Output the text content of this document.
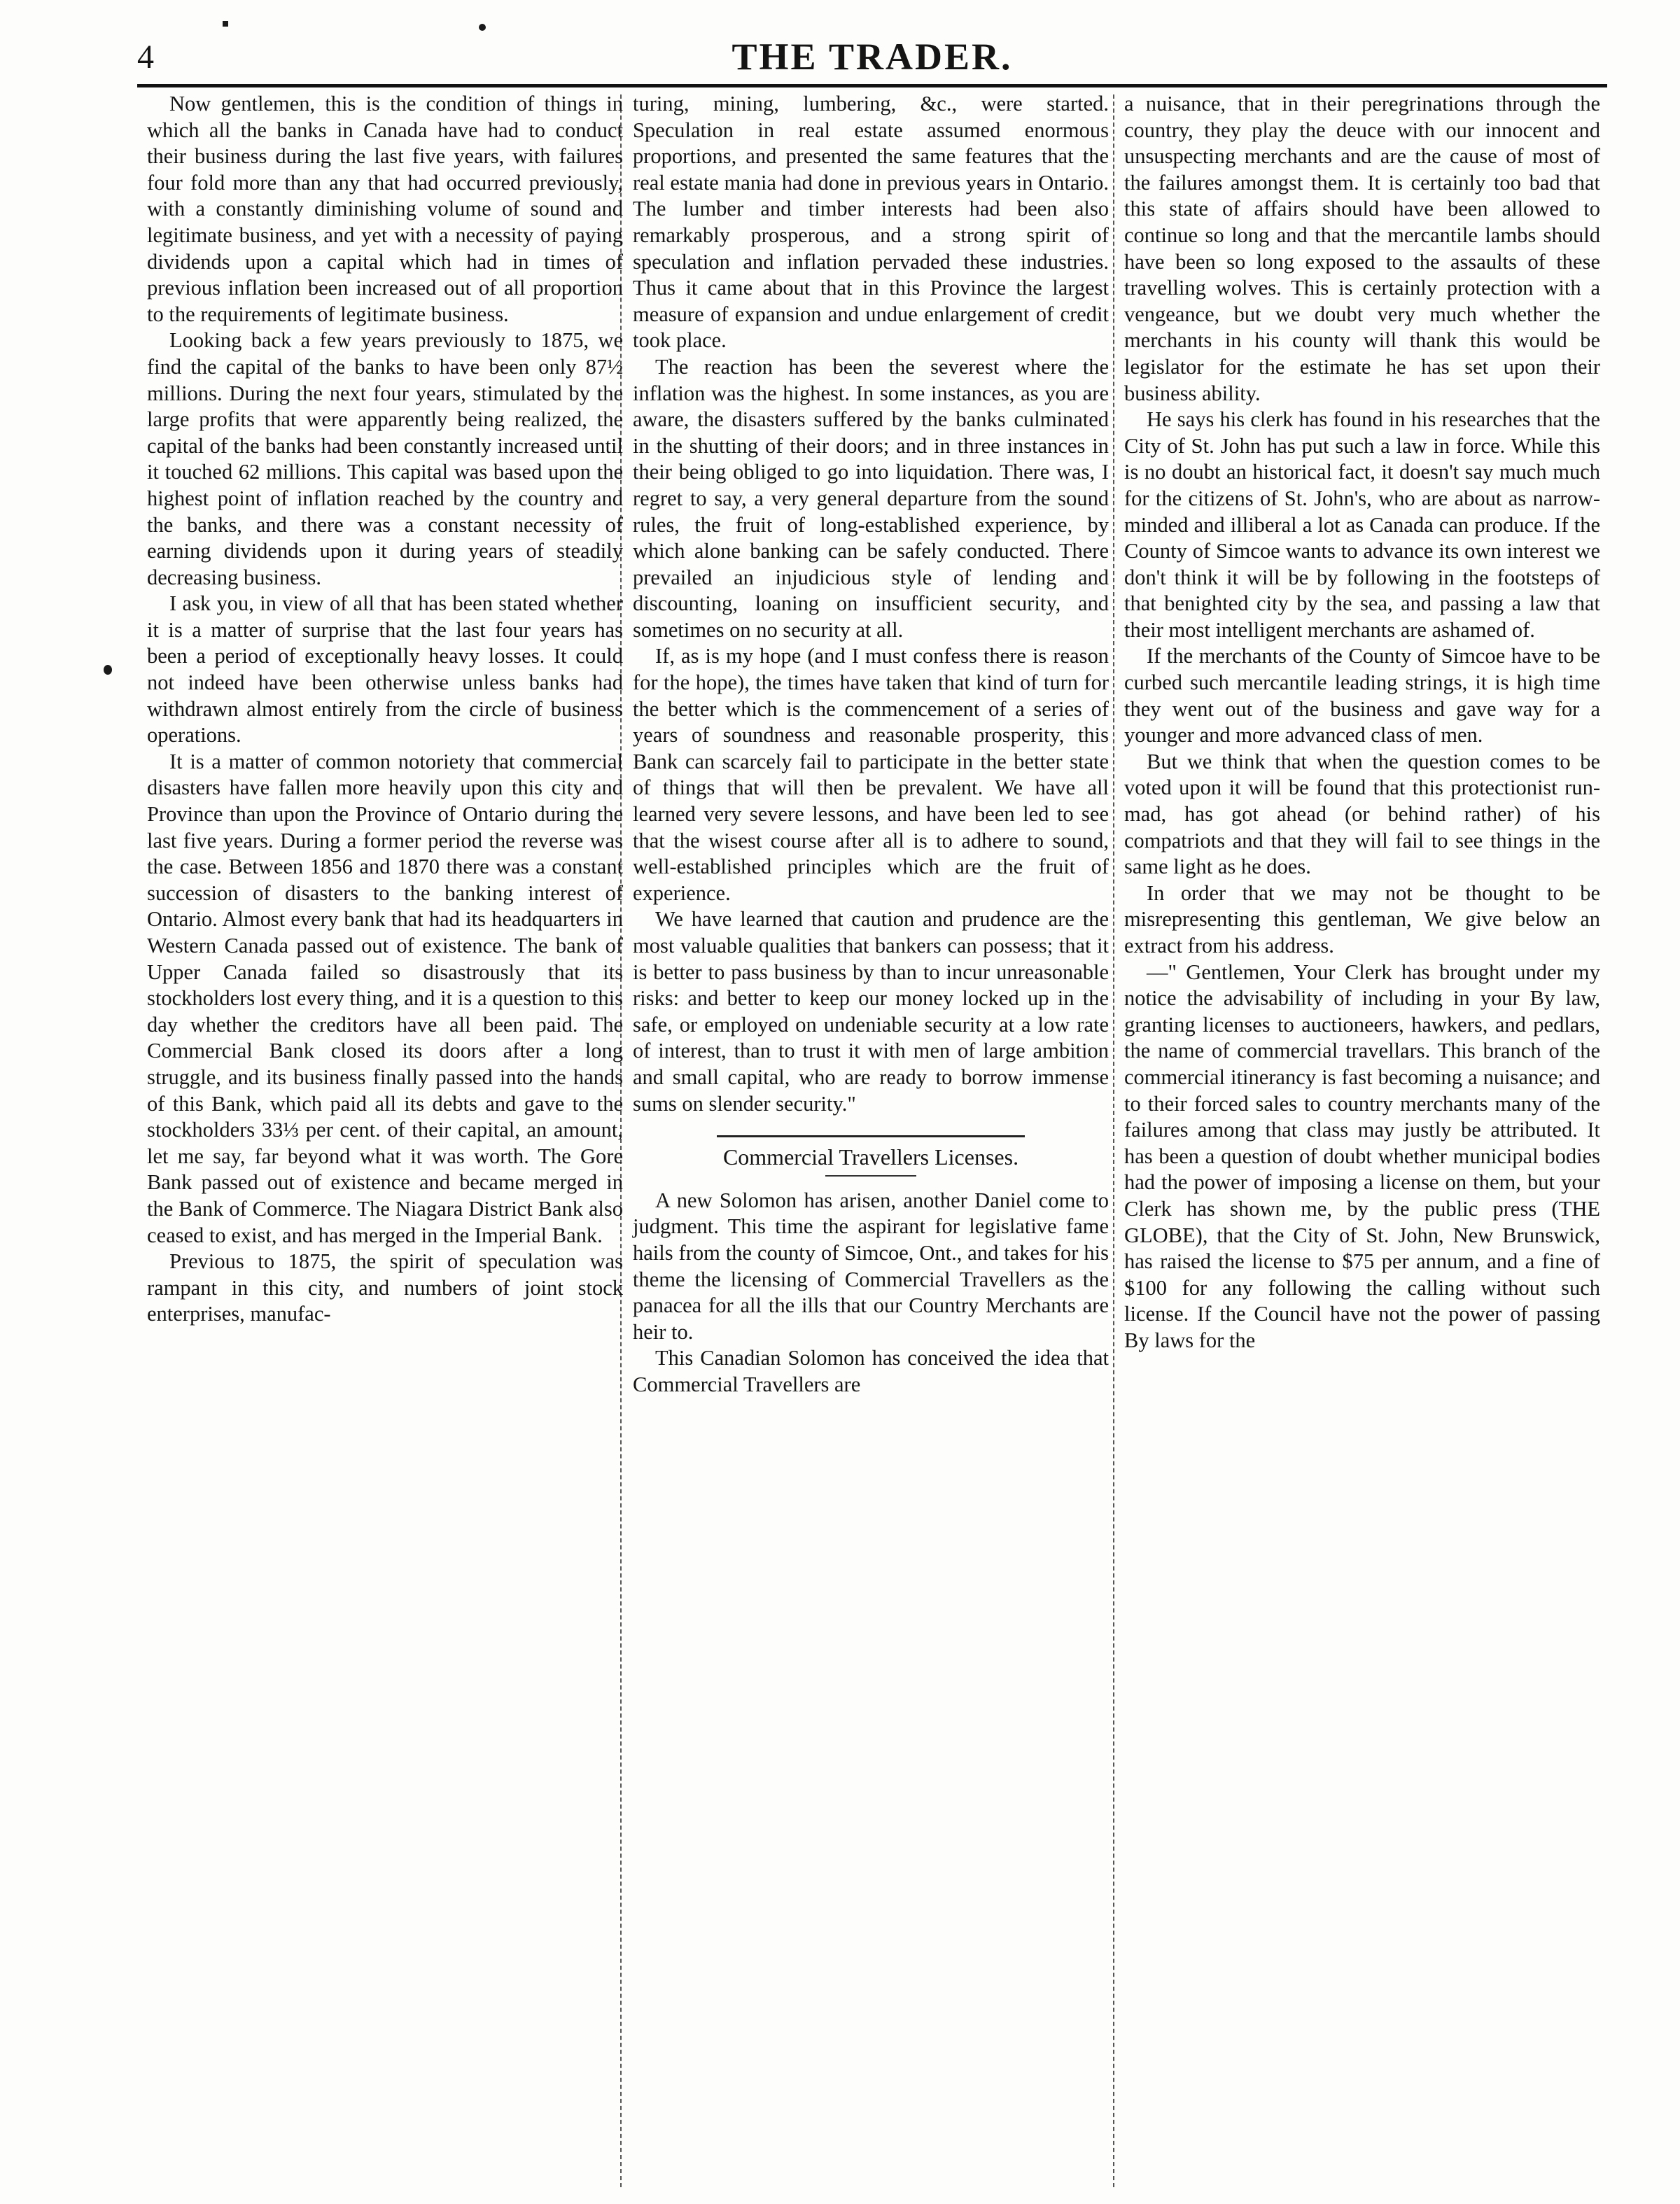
4	THE TRADER.

Now gentlemen, this is the condition of things in which all the banks in Canada have had to conduct their business during the last five years, with failures four fold more than any that had occurred previously, with a constantly diminishing volume of sound and legitimate business, and yet with a necessity of paying dividends upon a capital which had in times of previous inflation been increased out of all proportion to the requirements of legitimate business.

Looking back a few years previously to 1875, we find the capital of the banks to have been only 87½ millions. During the next four years, stimulated by the large profits that were apparently being realized, the capital of the banks had been constantly increased until it touched 62 millions. This capital was based upon the highest point of inflation reached by the country and the banks, and there was a constant necessity of earning dividends upon it during years of steadily decreasing business.

I ask you, in view of all that has been stated whether it is a matter of surprise that the last four years has been a period of exceptionally heavy losses. It could not indeed have been otherwise unless banks had withdrawn almost entirely from the circle of business operations.

It is a matter of common notoriety that commercial disasters have fallen more heavily upon this city and Province than upon the Province of Ontario during the last five years. During a former period the reverse was the case. Between 1856 and 1870 there was a constant succession of disasters to the banking interest of Ontario. Almost every bank that had its headquarters in Western Canada passed out of existence. The bank of Upper Canada failed so disastrously that its stockholders lost every thing, and it is a question to this day whether the creditors have all been paid. The Commercial Bank closed its doors after a long struggle, and its business finally passed into the hands of this Bank, which paid all its debts and gave to the stockholders 33⅓ per cent. of their capital, an amount, let me say, far beyond what it was worth. The Gore Bank passed out of existence and became merged in the Bank of Commerce. The Niagara District Bank also ceased to exist, and has merged in the Imperial Bank.

Previous to 1875, the spirit of speculation was rampant in this city, and numbers of joint stock enterprises, manufac-

turing, mining, lumbering, &c., were started. Speculation in real estate assumed enormous proportions, and presented the same features that the real estate mania had done in previous years in Ontario. The lumber and timber interests had been also remarkably prosperous, and a strong spirit of speculation and inflation pervaded these industries. Thus it came about that in this Province the largest measure of expansion and undue enlargement of credit took place.

The reaction has been the severest where the inflation was the highest. In some instances, as you are aware, the disasters suffered by the banks culminated in the shutting of their doors; and in three instances in their being obliged to go into liquidation. There was, I regret to say, a very general departure from the sound rules, the fruit of long-established experience, by which alone banking can be safely conducted. There prevailed an injudicious style of lending and discounting, loaning on insufficient security, and sometimes on no security at all.

If, as is my hope (and I must confess there is reason for the hope), the times have taken that kind of turn for the better which is the commencement of a series of years of soundness and reasonable prosperity, this Bank can scarcely fail to participate in the better state of things that will then be prevalent. We have all learned very severe lessons, and have been led to see that the wisest course after all is to adhere to sound, well-established principles which are the fruit of experience.

We have learned that caution and prudence are the most valuable qualities that bankers can possess; that it is better to pass business by than to incur unreasonable risks: and better to keep our money locked up in the safe, or employed on undeniable security at a low rate of interest, than to trust it with men of large ambition and small capital, who are ready to borrow immense sums on slender security."

Commercial Travellers Licenses.

A new Solomon has arisen, another Daniel come to judgment. This time the aspirant for legislative fame hails from the county of Simcoe, Ont., and takes for his theme the licensing of Commercial Travellers as the panacea for all the ills that our Country Merchants are heir to.

This Canadian Solomon has conceived the idea that Commercial Travellers are

a nuisance, that in their peregrinations through the country, they play the deuce with our innocent and unsuspecting merchants and are the cause of most of the failures amongst them. It is certainly too bad that this state of affairs should have been allowed to continue so long and that the mercantile lambs should have been so long exposed to the assaults of these travelling wolves. This is certainly protection with a vengeance, but we doubt very much whether the merchants in his county will thank this would be legislator for the estimate he has set upon their business ability.

He says his clerk has found in his researches that the City of St. John has put such a law in force. While this is no doubt an historical fact, it doesn't say much much for the citizens of St. John's, who are about as narrow-minded and illiberal a lot as Canada can produce. If the County of Simcoe wants to advance its own interest we don't think it will be by following in the footsteps of that benighted city by the sea, and passing a law that their most intelligent merchants are ashamed of.

If the merchants of the County of Simcoe have to be curbed such mercantile leading strings, it is high time they went out of the business and gave way for a younger and more advanced class of men.

But we think that when the question comes to be voted upon it will be found that this protectionist run-mad, has got ahead (or behind rather) of his compatriots and that they will fail to see things in the same light as he does.

In order that we may not be thought to be misrepresenting this gentleman, We give below an extract from his address.

—" Gentlemen, Your Clerk has brought under my notice the advisability of including in your By law, granting licenses to auctioneers, hawkers, and pedlars, the name of commercial travellars. This branch of the commercial itinerancy is fast becoming a nuisance; and to their forced sales to country merchants many of the failures among that class may justly be attributed. It has been a question of doubt whether municipal bodies had the power of imposing a license on them, but your Clerk has shown me, by the public press (THE GLOBE), that the City of St. John, New Brunswick, has raised the license to $75 per annum, and a fine of $100 for any following the calling without such license. If the Council have not the power of passing By laws for the
